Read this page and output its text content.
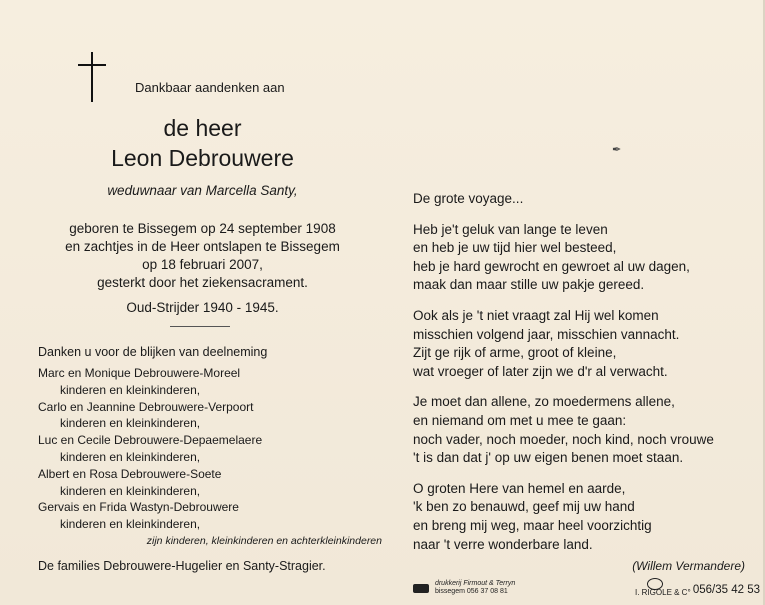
Dankbaar aandenken aan
de heer
Leon Debrouwere
weduwnaar van Marcella Santy,
geboren te Bissegem op 24 september 1908
en zachtjes in de Heer ontslapen te Bissegem
op 18 februari 2007,
gesterkt door het ziekensacrament.
Oud-Strijder 1940 - 1945.
Danken u voor de blijken van deelneming
Marc en Monique Debrouwere-Moreel
kinderen en kleinkinderen,
Carlo en Jeannine Debrouwere-Verpoort
kinderen en kleinkinderen,
Luc en Cecile Debrouwere-Depaemelaere
kinderen en kleinkinderen,
Albert en Rosa Debrouwere-Soete
kinderen en kleinkinderen,
Gervais en Frida Wastyn-Debrouwere
kinderen en kleinkinderen,
zijn kinderen, kleinkinderen en achterkleinkinderen
De families Debrouwere-Hugelier en Santy-Stragier.
✒
De grote voyage...
Heb je't geluk van lange te leven
en heb je uw tijd hier wel besteed,
heb je hard gewrocht en gewroet al uw dagen,
maak dan maar stille uw pakje gereed.
Ook als je 't niet vraagt zal Hij wel komen
misschien volgend jaar, misschien vannacht.
Zijt ge rijk of arme, groot of kleine,
wat vroeger of later zijn we d'r al verwacht.
Je moet dan allene, zo moedermens allene,
en niemand om met u mee te gaan:
noch vader, noch moeder, noch kind, noch vrouwe
't is dan dat j' op uw eigen benen moet staan.
O groten Here van hemel en aarde,
'k ben zo benauwd, geef mij uw hand
en breng mij weg, maar heel voorzichtig
naar 't verre wonderbare land.
(Willem Vermandere)

drukkerij Firmout & Terryn
bissegem 056 37 08 81	I. RIGOLE & C° 056/35 42 53
